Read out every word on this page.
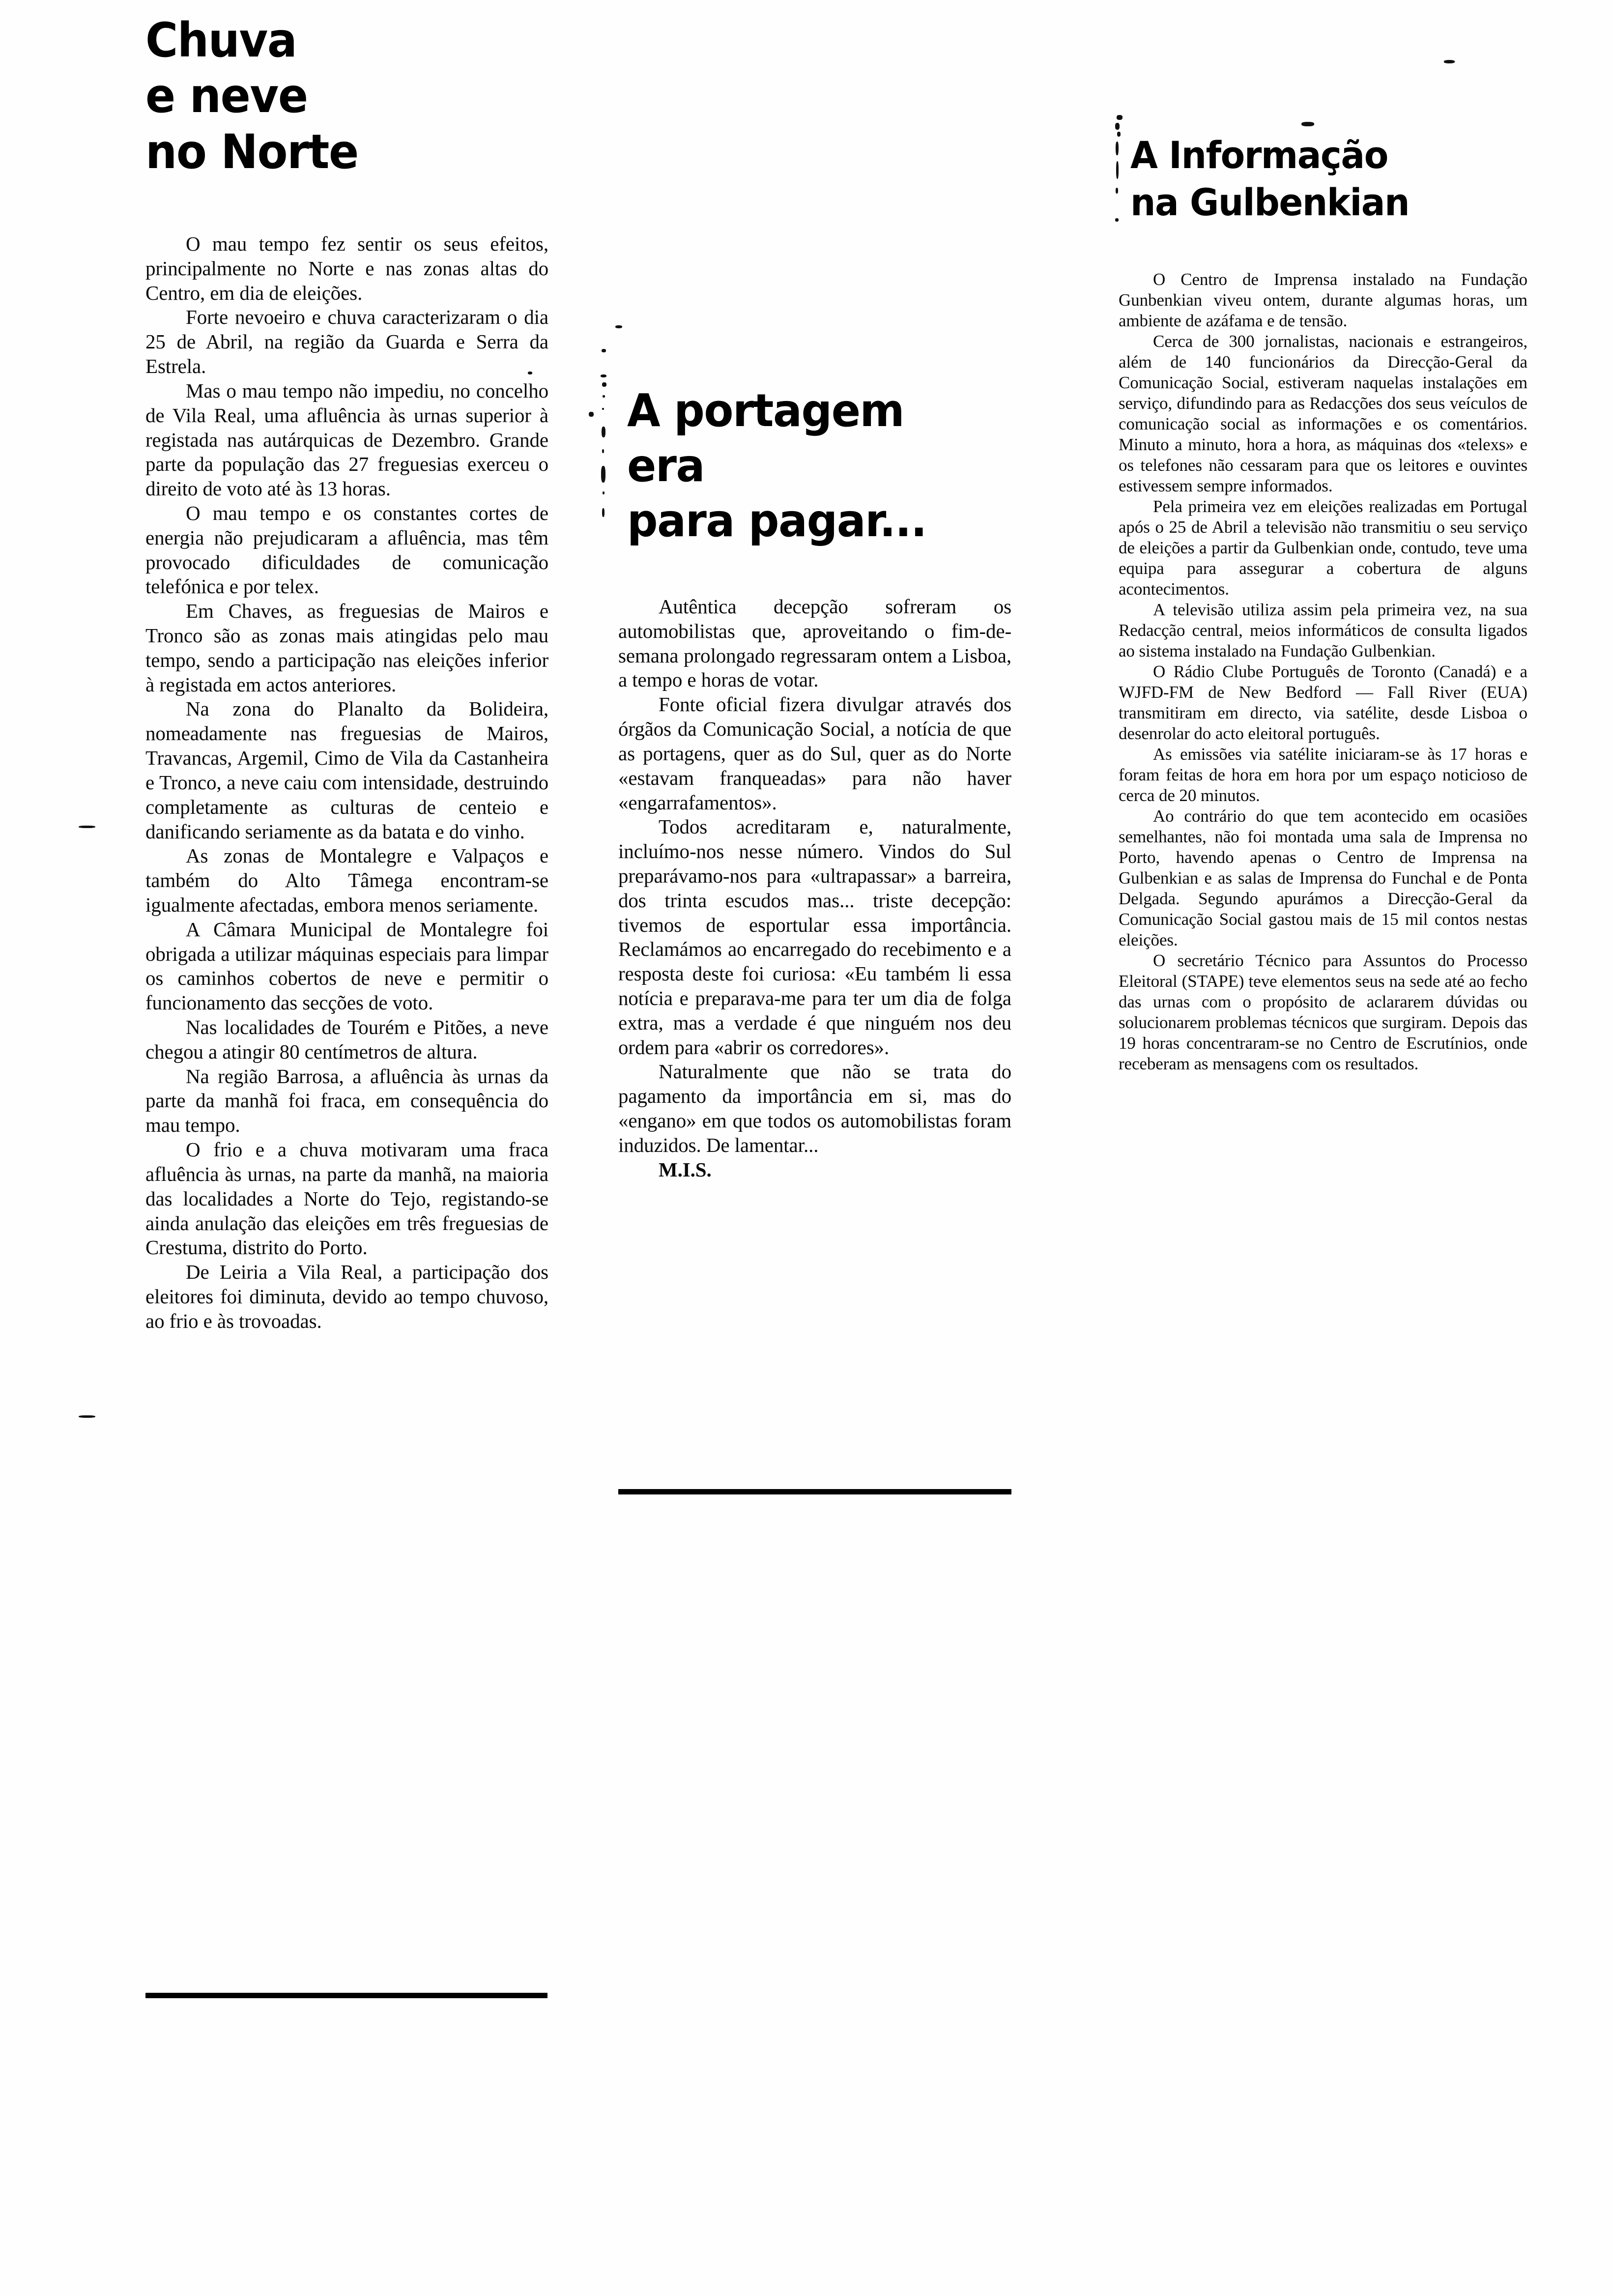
Chuva
e neve
no Norte

O mau tempo fez sentir os seus efeitos, principalmente no Norte e nas zonas altas do Centro, em dia de eleições.

Forte nevoeiro e chuva caracterizaram o dia 25 de Abril, na região da Guarda e Serra da Estrela.

Mas o mau tempo não impediu, no concelho de Vila Real, uma afluência às urnas superior à registada nas autárquicas de Dezembro. Grande parte da população das 27 freguesias exerceu o direito de voto até às 13 horas.

O mau tempo e os constantes cortes de energia não prejudicaram a afluência, mas têm provocado dificuldades de comunicação telefónica e por telex.

Em Chaves, as freguesias de Mairos e Tronco são as zonas mais atingidas pelo mau tempo, sendo a participação nas eleições inferior à registada em actos anteriores.

Na zona do Planalto da Bolideira, nomeadamente nas freguesias de Mairos, Travancas, Argemil, Cimo de Vila da Castanheira e Tronco, a neve caiu com intensidade, destruindo completamente as culturas de centeio e danificando seriamente as da batata e do vinho.

As zonas de Montalegre e Valpaços e também do Alto Tâmega encontram-se igualmente afectadas, embora menos seriamente.

A Câmara Municipal de Montalegre foi obrigada a utilizar máquinas especiais para limpar os caminhos cobertos de neve e permitir o funcionamento das secções de voto.

Nas localidades de Tourém e Pitões, a neve chegou a atingir 80 centímetros de altura.

Na região Barrosa, a afluência às urnas da parte da manhã foi fraca, em consequência do mau tempo.

O frio e a chuva motivaram uma fraca afluência às urnas, na parte da manhã, na maioria das localidades a Norte do Tejo, registando-se ainda anulação das eleições em três freguesias de Crestuma, distrito do Porto.

De Leiria a Vila Real, a participação dos eleitores foi diminuta, devido ao tempo chuvoso, ao frio e às trovoadas.

A portagem
era
para pagar...

Autêntica decepção sofreram os automobilistas que, aproveitando o fim-de-semana prolongado regressaram ontem a Lisboa, a tempo e horas de votar.

Fonte oficial fizera divulgar através dos órgãos da Comunicação Social, a notícia de que as portagens, quer as do Sul, quer as do Norte «estavam franqueadas» para não haver «engarrafamentos».

Todos acreditaram e, naturalmente, incluímo-nos nesse número. Vindos do Sul preparávamo-nos para «ultrapassar» a barreira, dos trinta escudos mas... triste decepção: tivemos de esportular essa importância. Reclamámos ao encarregado do recebimento e a resposta deste foi curiosa: «Eu também li essa notícia e preparava-me para ter um dia de folga extra, mas a verdade é que ninguém nos deu ordem para «abrir os corredores».

Naturalmente que não se trata do pagamento da importância em si, mas do «engano» em que todos os automobilistas foram induzidos. De lamentar...

M.I.S.

A Informação
na Gulbenkian

O Centro de Imprensa instalado na Fundação Gunbenkian viveu ontem, durante algumas horas, um ambiente de azáfama e de tensão.

Cerca de 300 jornalistas, nacionais e estrangeiros, além de 140 funcionários da Direcção-Geral da Comunicação Social, estiveram naquelas instalações em serviço, difundindo para as Redacções dos seus veículos de comunicação social as informações e os comentários. Minuto a minuto, hora a hora, as máquinas dos «telexs» e os telefones não cessaram para que os leitores e ouvintes estivessem sempre informados.

Pela primeira vez em eleições realizadas em Portugal após o 25 de Abril a televisão não transmitiu o seu serviço de eleições a partir da Gulbenkian onde, contudo, teve uma equipa para assegurar a cobertura de alguns acontecimentos.

A televisão utiliza assim pela primeira vez, na sua Redacção central, meios informáticos de consulta ligados ao sistema instalado na Fundação Gulbenkian.

O Rádio Clube Português de Toronto (Canadá) e a WJFD-FM de New Bedford — Fall River (EUA) transmitiram em directo, via satélite, desde Lisboa o desenrolar do acto eleitoral português.

As emissões via satélite iniciaram-se às 17 horas e foram feitas de hora em hora por um espaço noticioso de cerca de 20 minutos.

Ao contrário do que tem acontecido em ocasiões semelhantes, não foi montada uma sala de Imprensa no Porto, havendo apenas o Centro de Imprensa na Gulbenkian e as salas de Imprensa do Funchal e de Ponta Delgada. Segundo apurámos a Direcção-Geral da Comunicação Social gastou mais de 15 mil contos nestas eleições.

O secretário Técnico para Assuntos do Processo Eleitoral (STAPE) teve elementos seus na sede até ao fecho das urnas com o propósito de aclararem dúvidas ou solucionarem problemas técnicos que surgiram. Depois das 19 horas concentraram-se no Centro de Escrutínios, onde receberam as mensagens com os resultados.
